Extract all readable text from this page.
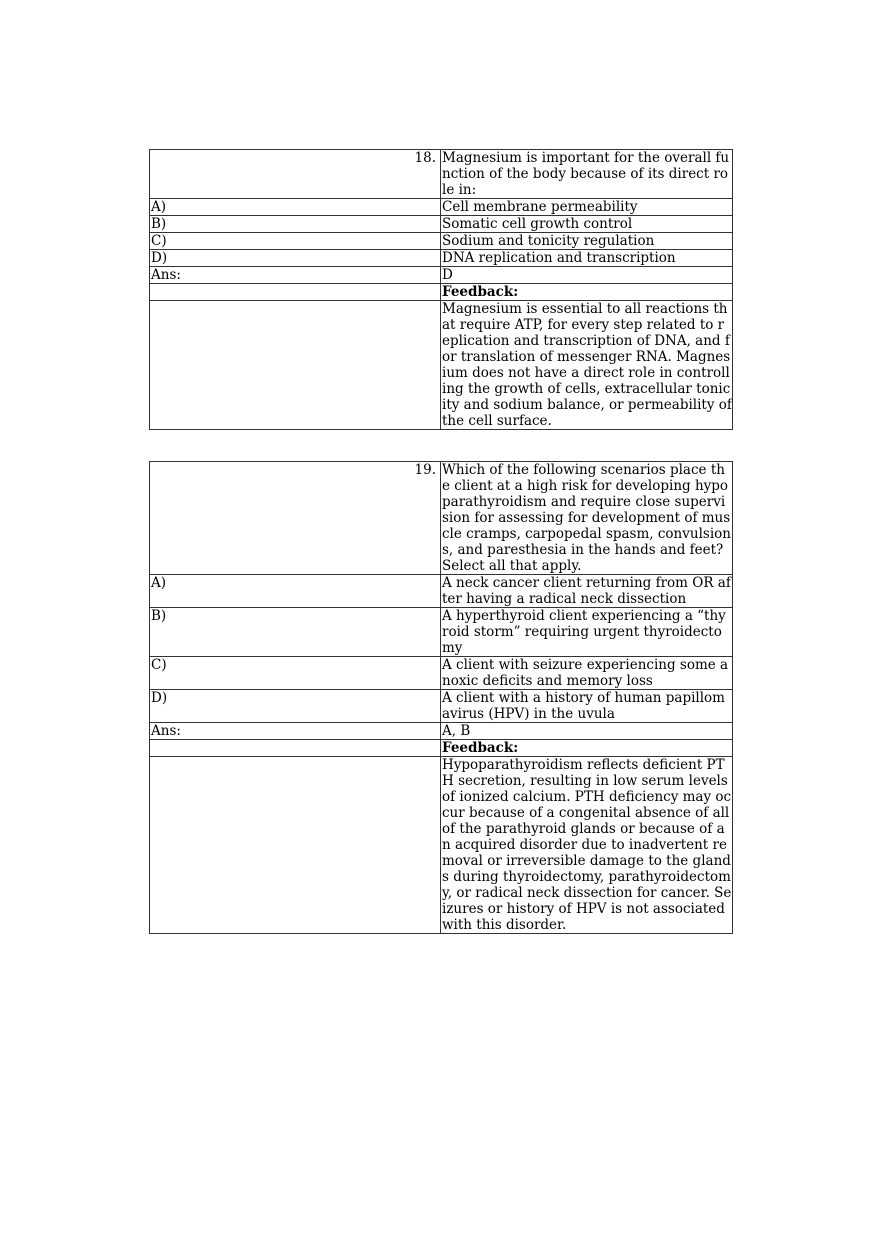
18.	Magnesium is important for the overall function of the body because of its direct role in:
A)	Cell membrane permeability
B)	Somatic cell growth control
C)	Sodium and tonicity regulation
D)	DNA replication and transcription
Ans:	D
	Feedback:
	Magnesium is essential to all reactions that require ATP, for every step related to replication and transcription of DNA, and for translation of messenger RNA. Magnesium does not have a direct role in controlling the growth of cells, extracellular tonicity and sodium balance, or permeability of the cell surface.
19.	Which of the following scenarios place the client at a high risk for developing hypoparathyroidism and require close supervision for assessing for development of muscle cramps, carpopedal spasm, convulsions, and paresthesia in the hands and feet? Select all that apply.
A)	A neck cancer client returning from OR after having a radical neck dissection
B)	A hyperthyroid client experiencing a “thyroid storm” requiring urgent thyroidectomy
C)	A client with seizure experiencing some anoxic deficits and memory loss
D)	A client with a history of human papillomavirus (HPV) in the uvula
Ans:	A, B
	Feedback:
	Hypoparathyroidism reflects deficient PTH secretion, resulting in low serum levels of ionized calcium. PTH deficiency may occur because of a congenital absence of all of the parathyroid glands or because of an acquired disorder due to inadvertent removal or irreversible damage to the glands during thyroidectomy, parathyroidectomy, or radical neck dissection for cancer. Seizures or history of HPV is not associated with this disorder.
